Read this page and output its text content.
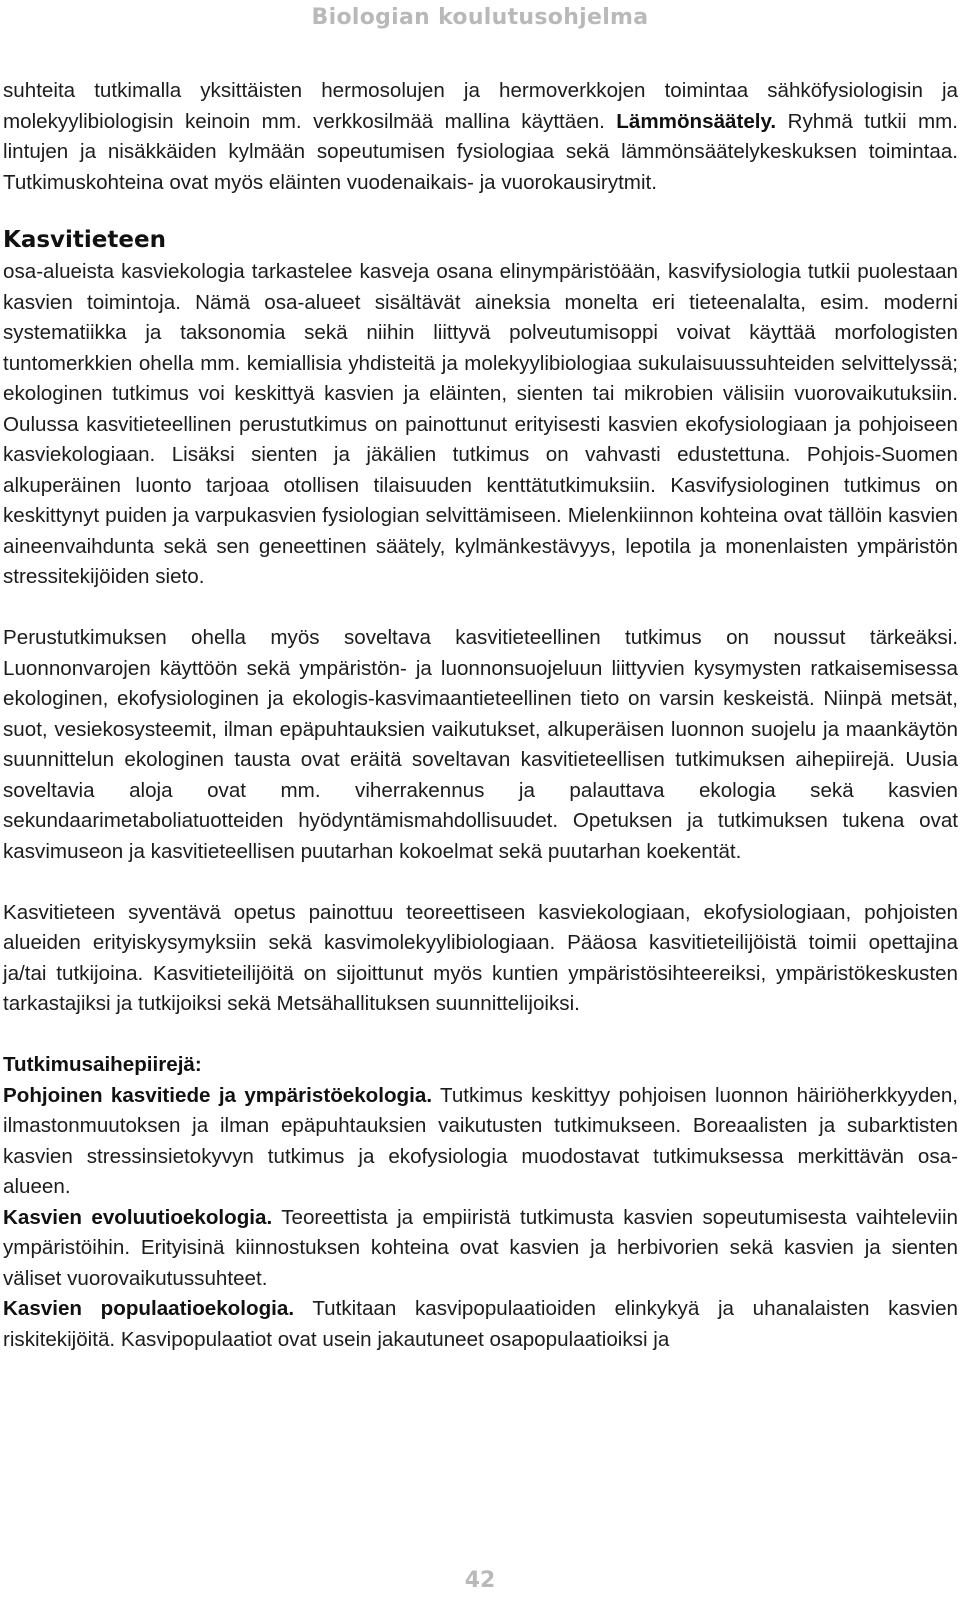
Biologian koulutusohjelma

suhteita tutkimalla yksittäisten hermosolujen ja hermoverkkojen toimintaa sähköfysiologisin ja molekyylibiologisin keinoin mm. verkkosilmää mallina käyttäen. Lämmönsäätely. Ryhmä tutkii mm. lintujen ja nisäkkäiden kylmään sopeutumisen fysiologiaa sekä lämmönsäätelykeskuksen toimintaa. Tutkimuskohteina ovat myös eläinten vuodenaikais- ja vuorokausirytmit.

Kasvitieteen

osa-alueista kasviekologia tarkastelee kasveja osana elinympäristöään, kasvifysiologia tutkii puolestaan kasvien toimintoja. Nämä osa-alueet sisältävät aineksia monelta eri tieteenalalta, esim. moderni systematiikka ja taksonomia sekä niihin liittyvä polveutumisoppi voivat käyttää morfologisten tuntomerkkien ohella mm. kemiallisia yhdisteitä ja molekyylibiologiaa sukulaisuussuhteiden selvittelyssä; ekologinen tutkimus voi keskittyä kasvien ja eläinten, sienten tai mikrobien välisiin vuorovaikutuksiin. Oulussa kasvitieteellinen perustutkimus on painottunut erityisesti kasvien ekofysiologiaan ja pohjoiseen kasviekologiaan. Lisäksi sienten ja jäkälien tutkimus on vahvasti edustettuna. Pohjois-Suomen alkuperäinen luonto tarjoaa otollisen tilaisuuden kenttätutkimuksiin. Kasvifysiologinen tutkimus on keskittynyt puiden ja varpukasvien fysiologian selvittämiseen. Mielenkiinnon kohteina ovat tällöin kasvien aineenvaihdunta sekä sen geneettinen säätely, kylmänkestävyys, lepotila ja monenlaisten ympäristön stressitekijöiden sieto.

Perustutkimuksen ohella myös soveltava kasvitieteellinen tutkimus on noussut tärkeäksi. Luonnonvarojen käyttöön sekä ympäristön- ja luonnonsuojeluun liittyvien kysymysten ratkaisemisessa ekologinen, ekofysiologinen ja ekologis-kasvimaantieteellinen tieto on varsin keskeistä. Niinpä metsät, suot, vesiekosysteemit, ilman epäpuhtauksien vaikutukset, alkuperäisen luonnon suojelu ja maankäytön suunnittelun ekologinen tausta ovat eräitä soveltavan kasvitieteellisen tutkimuksen aihepiirejä. Uusia soveltavia aloja ovat mm. viherrakennus ja palauttava ekologia sekä kasvien sekundaarimetaboliatuotteiden hyödyntämismahdollisuudet. Opetuksen ja tutkimuksen tukena ovat kasvimuseon ja kasvitieteellisen puutarhan kokoelmat sekä puutarhan koekentät.

Kasvitieteen syventävä opetus painottuu teoreettiseen kasviekologiaan, ekofysiologiaan, pohjoisten alueiden erityiskysymyksiin sekä kasvimolekyylibiologiaan. Pääosa kasvitieteilijöistä toimii opettajina ja/tai tutkijoina. Kasvitieteilijöitä on sijoittunut myös kuntien ympäristösihteereiksi, ympäristökeskusten tarkastajiksi ja tutkijoiksi sekä Metsähallituksen suunnittelijoiksi.

Tutkimusaihepiirejä:

Pohjoinen kasvitiede ja ympäristöekologia. Tutkimus keskittyy pohjoisen luonnon häiriöherkkyyden, ilmastonmuutoksen ja ilman epäpuhtauksien vaikutusten tutkimukseen. Boreaalisten ja subarktisten kasvien stressinsietokyvyn tutkimus ja ekofysiologia muodostavat tutkimuksessa merkittävän osa-alueen.

Kasvien evoluutioekologia. Teoreettista ja empiiristä tutkimusta kasvien sopeutumisesta vaihteleviin ympäristöihin. Erityisinä kiinnostuksen kohteina ovat kasvien ja herbivorien sekä kasvien ja sienten väliset vuorovaikutussuhteet.

Kasvien populaatioekologia. Tutkitaan kasvipopulaatioiden elinkykyä ja uhanalaisten kasvien riskitekijöitä. Kasvipopulaatiot ovat usein jakautuneet osapopulaatioiksi ja

42
